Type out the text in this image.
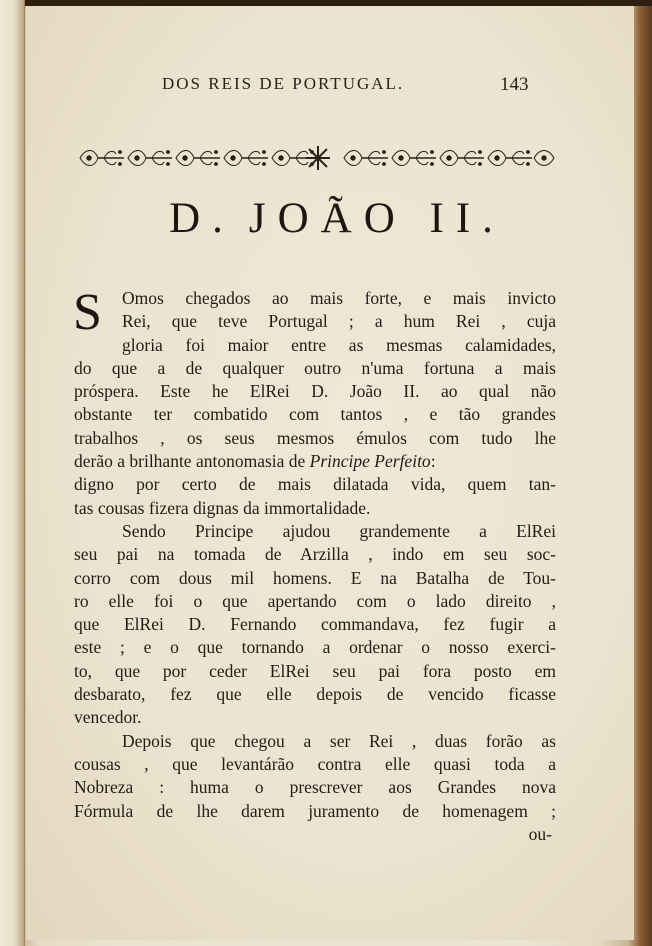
DOS REIS DE PORTUGAL.	143
D. JOÃO II.
S	Omos chegados ao mais forte, e mais invicto
Rei, que teve Portugal ; a hum Rei , cuja
gloria foi maior entre as mesmas calamidades,
do que a de qualquer outro n'uma fortuna a mais
próspera. Este he ElRei D. João II. ao qual não
obstante ter combatido com tantos , e tão grandes
trabalhos , os seus mesmos émulos com tudo lhe
derão a brilhante antonomasia de Principe Perfeito:
digno por certo de mais dilatada vida, quem tan-
tas cousas fizera dignas da immortalidade.
Sendo Principe ajudou grandemente a ElRei
seu pai na tomada de Arzilla , indo em seu soc-
corro com dous mil homens. E na Batalha de Tou-
ro elle foi o que apertando com o lado direito ,
que ElRei D. Fernando commandava, fez fugir a
este ; e o que tornando a ordenar o nosso exerci-
to, que por ceder ElRei seu pai fora posto em
desbarato, fez que elle depois de vencido ficasse
vencedor.
Depois que chegou a ser Rei , duas forão as
cousas , que levantárão contra elle quasi toda a
Nobreza : huma o prescrever aos Grandes nova
Fórmula de lhe darem juramento de homenagem ;
ou-
